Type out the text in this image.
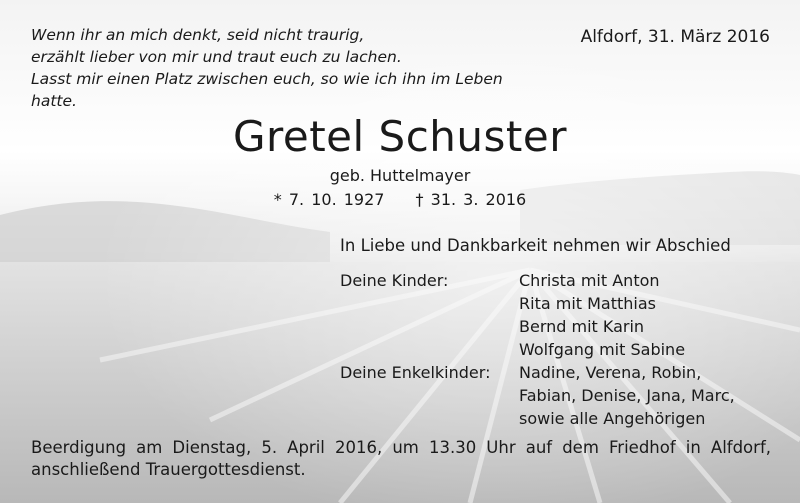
Wenn ihr an mich denkt, seid nicht traurig,
erzählt lieber von mir und traut euch zu lachen.
Lasst mir einen Platz zwischen euch, so wie ich ihn im Leben
hatte.
Alfdorf, 31. März 2016
Gretel Schuster
geb. Huttelmayer
* 7. 10. 1927 † 31. 3. 2016
In Liebe und Dankbarkeit nehmen wir Abschied
Deine Kinder:	Christa mit Anton
Rita mit Matthias
Bernd mit Karin
Wolfgang mit Sabine
Deine Enkelkinder: Nadine, Verena, Robin,
Fabian, Denise, Jana, Marc,
sowie alle Angehörigen
Beerdigung am Dienstag, 5. April 2016, um 13.30 Uhr auf dem Friedhof in Alfdorf,
anschließend Trauergottesdienst.
